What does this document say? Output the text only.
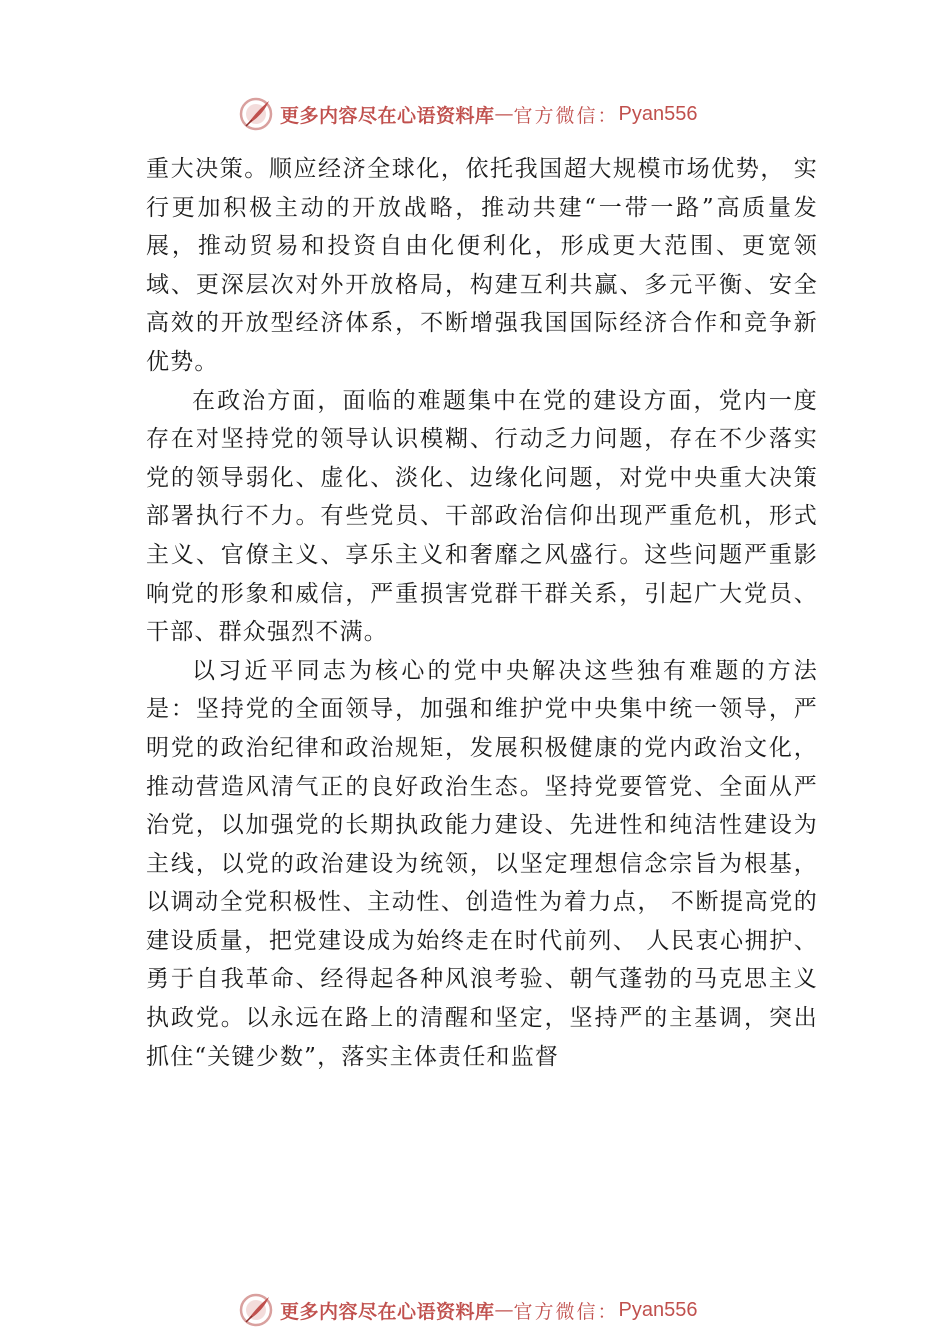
更多内容尽在心语资料库 — 官方微信： Pyan556

重大决策。顺应经济全球化，依托我国超大规模市场优势， 实行更加积极主动的开放战略，推动共建“一带一路”高质量发展，推动贸易和投资自由化便利化，形成更大范围、更宽领域、更深层次对外开放格局，构建互利共赢、多元平衡、安全高效的开放型经济体系，不断增强我国国际经济合作和竞争新优势。

在政治方面，面临的难题集中在党的建设方面，党内一度存在对坚持党的领导认识模糊、行动乏力问题，存在不少落实党的领导弱化、虚化、淡化、边缘化问题，对党中央重大决策部署执行不力。有些党员、干部政治信仰出现严重危机，形式主义、官僚主义、享乐主义和奢靡之风盛行。这些问题严重影响党的形象和威信，严重损害党群干群关系，引起广大党员、干部、群众强烈不满。

以习近平同志为核心的党中央解决这些独有难题的方法是：坚持党的全面领导，加强和维护党中央集中统一领导，严明党的政治纪律和政治规矩，发展积极健康的党内政治文化，推动营造风清气正的良好政治生态。坚持党要管党、全面从严治党，以加强党的长期执政能力建设、先进性和纯洁性建设为主线，以党的政治建设为统领，以坚定理想信念宗旨为根基，以调动全党积极性、主动性、创造性为着力点， 不断提高党的建设质量，把党建设成为始终走在时代前列、 人民衷心拥护、勇于自我革命、经得起各种风浪考验、朝气蓬勃的马克思主义执政党。以永远在路上的清醒和坚定，坚持严的主基调，突出抓住“关键少数”，落实主体责任和监督

更多内容尽在心语资料库 — 官方微信： Pyan556
